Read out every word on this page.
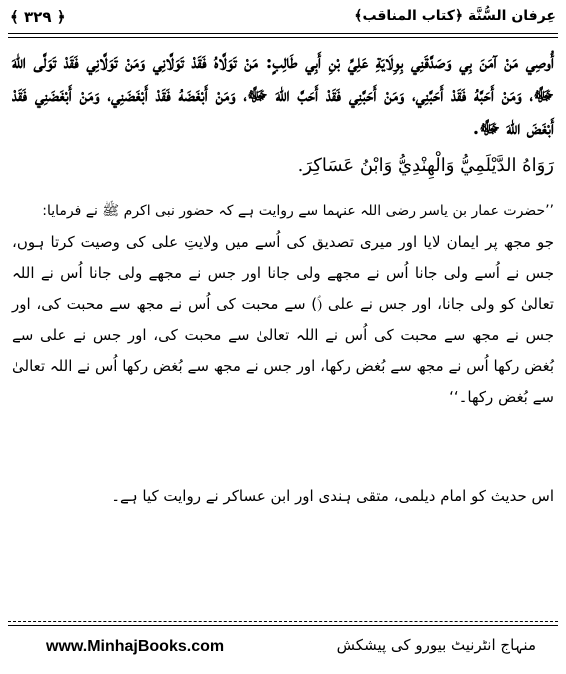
﴾ ۳۲۹ ﴿	عِرفان السُّنَّة ﴿کتاب المناقب﴾
أُوصِي مَنْ آمَنَ بِي وَصَدَّقَنِي بِوِلَايَةِ عَلِيِّ بْنِ أَبِي طَالِبٍ: مَنْ تَوَلَّاهُ فَقَدْ تَوَلَّانِي وَمَنْ تَوَلَّانِي فَقَدْ تَوَلَّى اللهَ ﷻ، وَمَنْ أَحَبَّهُ فَقَدْ أَحَبَّنِي، وَمَنْ أَحَبَّنِي فَقَدْ أَحَبَّ اللهَ ﷻ، وَمَنْ أَبْغَضَهُ فَقَدْ أَبْغَضَنِي، وَمَنْ أَبْغَضَنِي فَقَدْ أَبْغَضَ اللهَ ﷻ.
رَوَاهُ الدَّيْلَمِيُّ وَالْهِنْدِيُّ وَابْنُ عَسَاكِرَ.
’’حضرت عمار بن یاسر رضی اللہ عنہما سے روایت ہے کہ حضور نبی اکرم ﷺ نے فرمایا:
جو مجھ پر ایمان لایا اور میری تصدیق کی اُسے میں ولایتِ علی کی وصیت کرتا ہوں، جس نے اُسے ولی جانا اُس نے مجھے ولی جانا اور جس نے مجھے ولی جانا اُس نے اللہ تعالیٰ کو ولی جانا، اور جس نے علی (ؑ) سے محبت کی اُس نے مجھ سے محبت کی، اور جس نے مجھ سے محبت کی اُس نے اللہ تعالیٰ سے محبت کی، اور جس نے علی سے بُغض رکھا اُس نے مجھ سے بُغض رکھا، اور جس نے مجھ سے بُغض رکھا اُس نے اللہ تعالیٰ سے بُغض رکھا۔‘‘
اس حدیث کو امام دیلمی، متقی ہندی اور ابن عساکر نے روایت کیا ہے۔
www.MinhajBooks.com	منہاج انٹرنیٹ بیورو کی پیشکش
